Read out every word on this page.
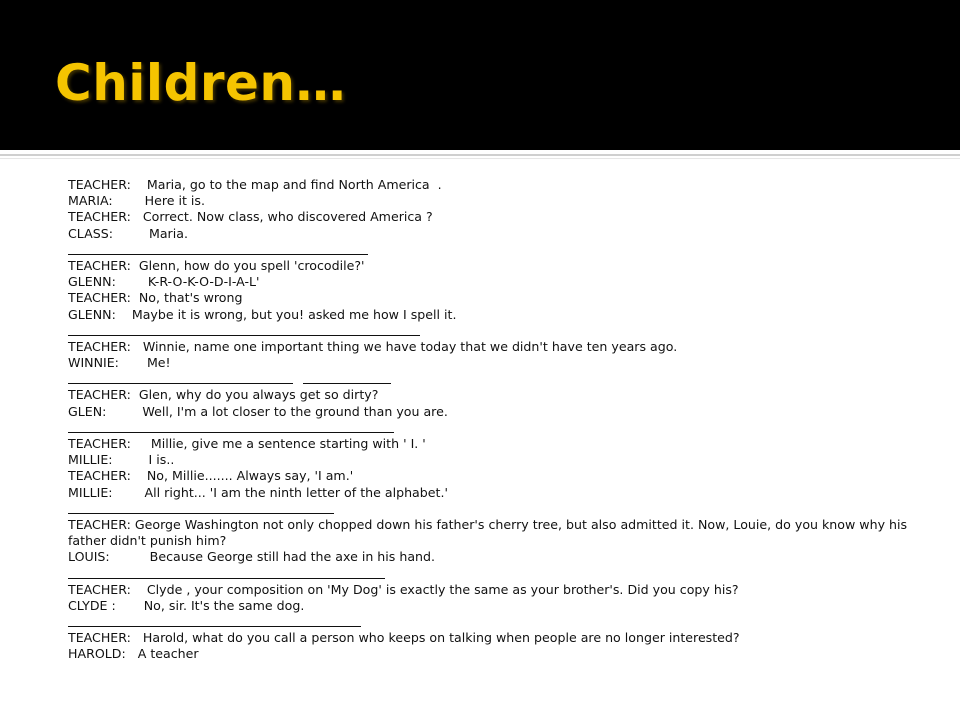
Children…
TEACHER:    Maria, go to the map and find North America  .
MARIA:        Here it is.
TEACHER:   Correct. Now class, who discovered America ?
CLASS:         Maria.
TEACHER:  Glenn, how do you spell 'crocodile?'
GLENN:        K-R-O-K-O-D-I-A-L'
TEACHER:  No, that's wrong
GLENN:    Maybe it is wrong, but you! asked me how I spell it.
TEACHER:   Winnie, name one important thing we have today that we didn't have ten years ago.
WINNIE:       Me!
TEACHER:  Glen, why do you always get so dirty?
GLEN:         Well, I'm a lot closer to the ground than you are.
TEACHER:     Millie, give me a sentence starting with ' I. '
MILLIE:         I is..
TEACHER:    No, Millie....... Always say, 'I am.'
MILLIE:        All right... 'I am the ninth letter of the alphabet.'
TEACHER: George Washington not only chopped down his father's cherry tree, but also admitted it. Now, Louie, do you know why his father didn't punish him?
LOUIS:          Because George still had the axe in his hand.
TEACHER:    Clyde , your composition on 'My Dog' is exactly the same as your brother's. Did you copy his?
CLYDE :       No, sir. It's the same dog.
TEACHER:   Harold, what do you call a person who keeps on talking when people are no longer interested?
HAROLD:   A teacher
